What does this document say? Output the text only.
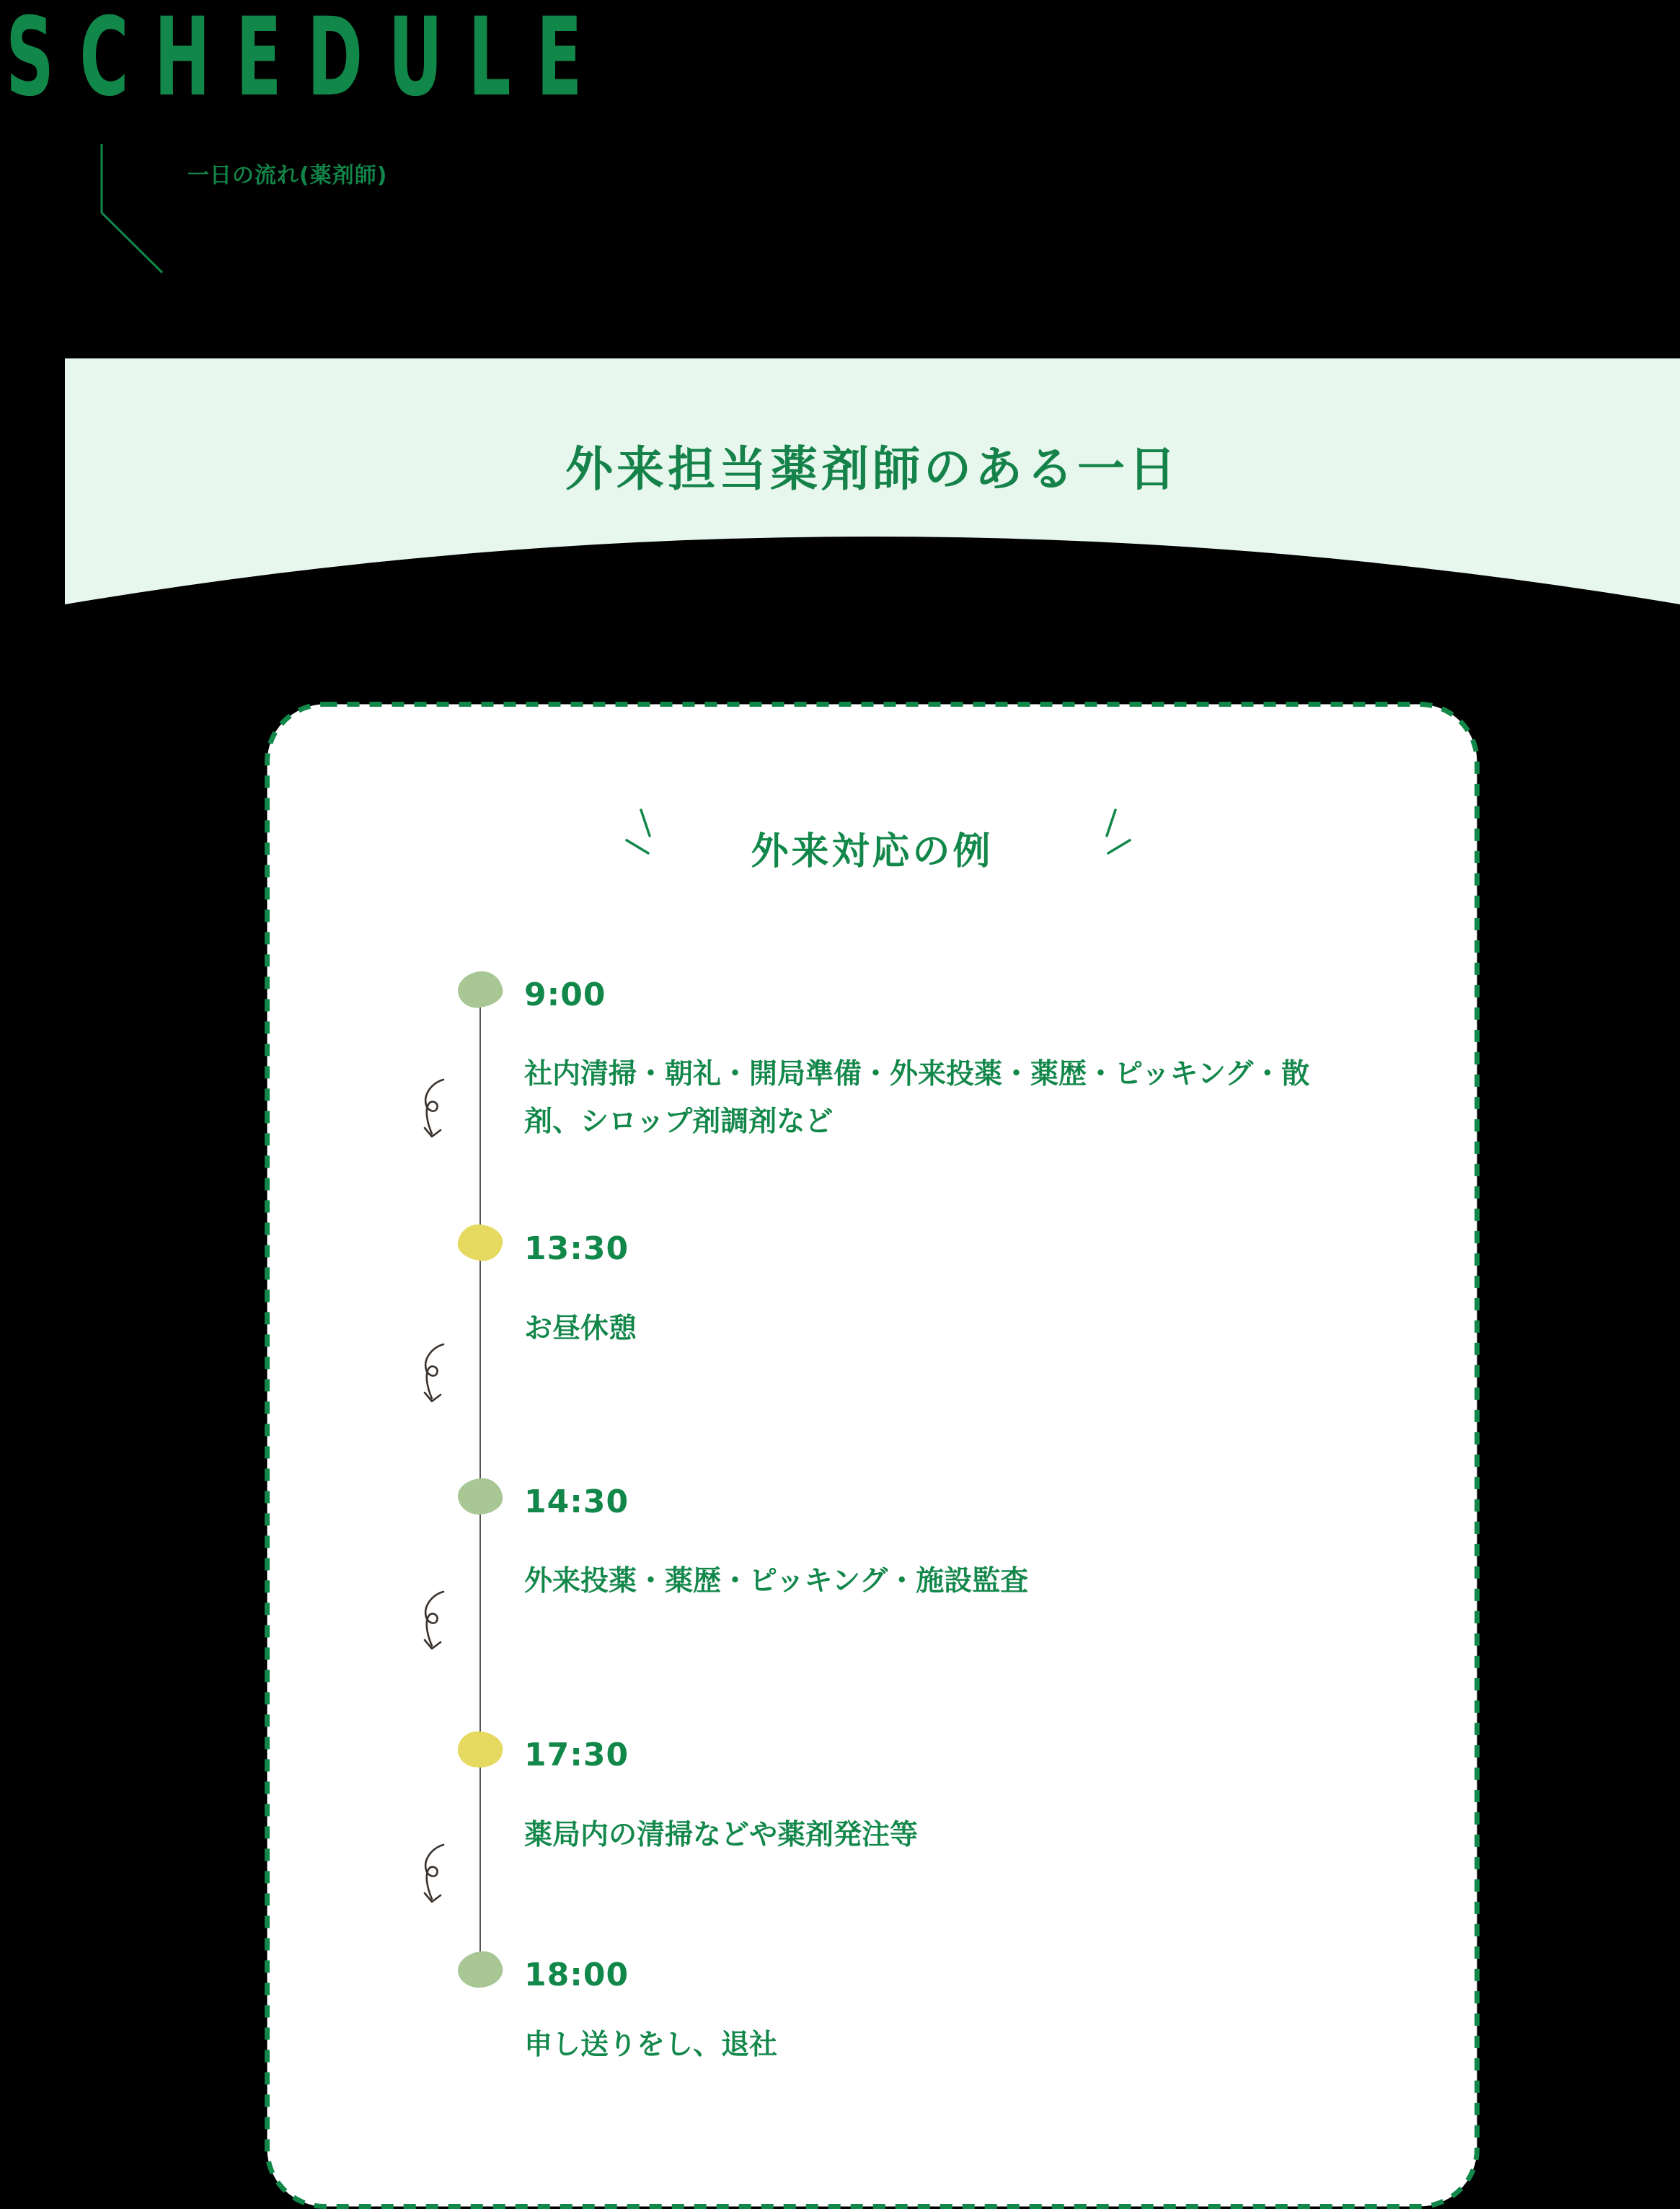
SCHEDULE
一日の流れ(薬剤師)
外来担当薬剤師のある一日
外来対応の例
9:00
13:30
14:30
17:30
18:00
社内清掃・朝礼・開局準備・外来投薬・薬歴・ピッキング・散剤、シロップ剤調剤など
お昼休憩
外来投薬・薬歴・ピッキング・施設監査
薬局内の清掃などや薬剤発注等
申し送りをし、退社
